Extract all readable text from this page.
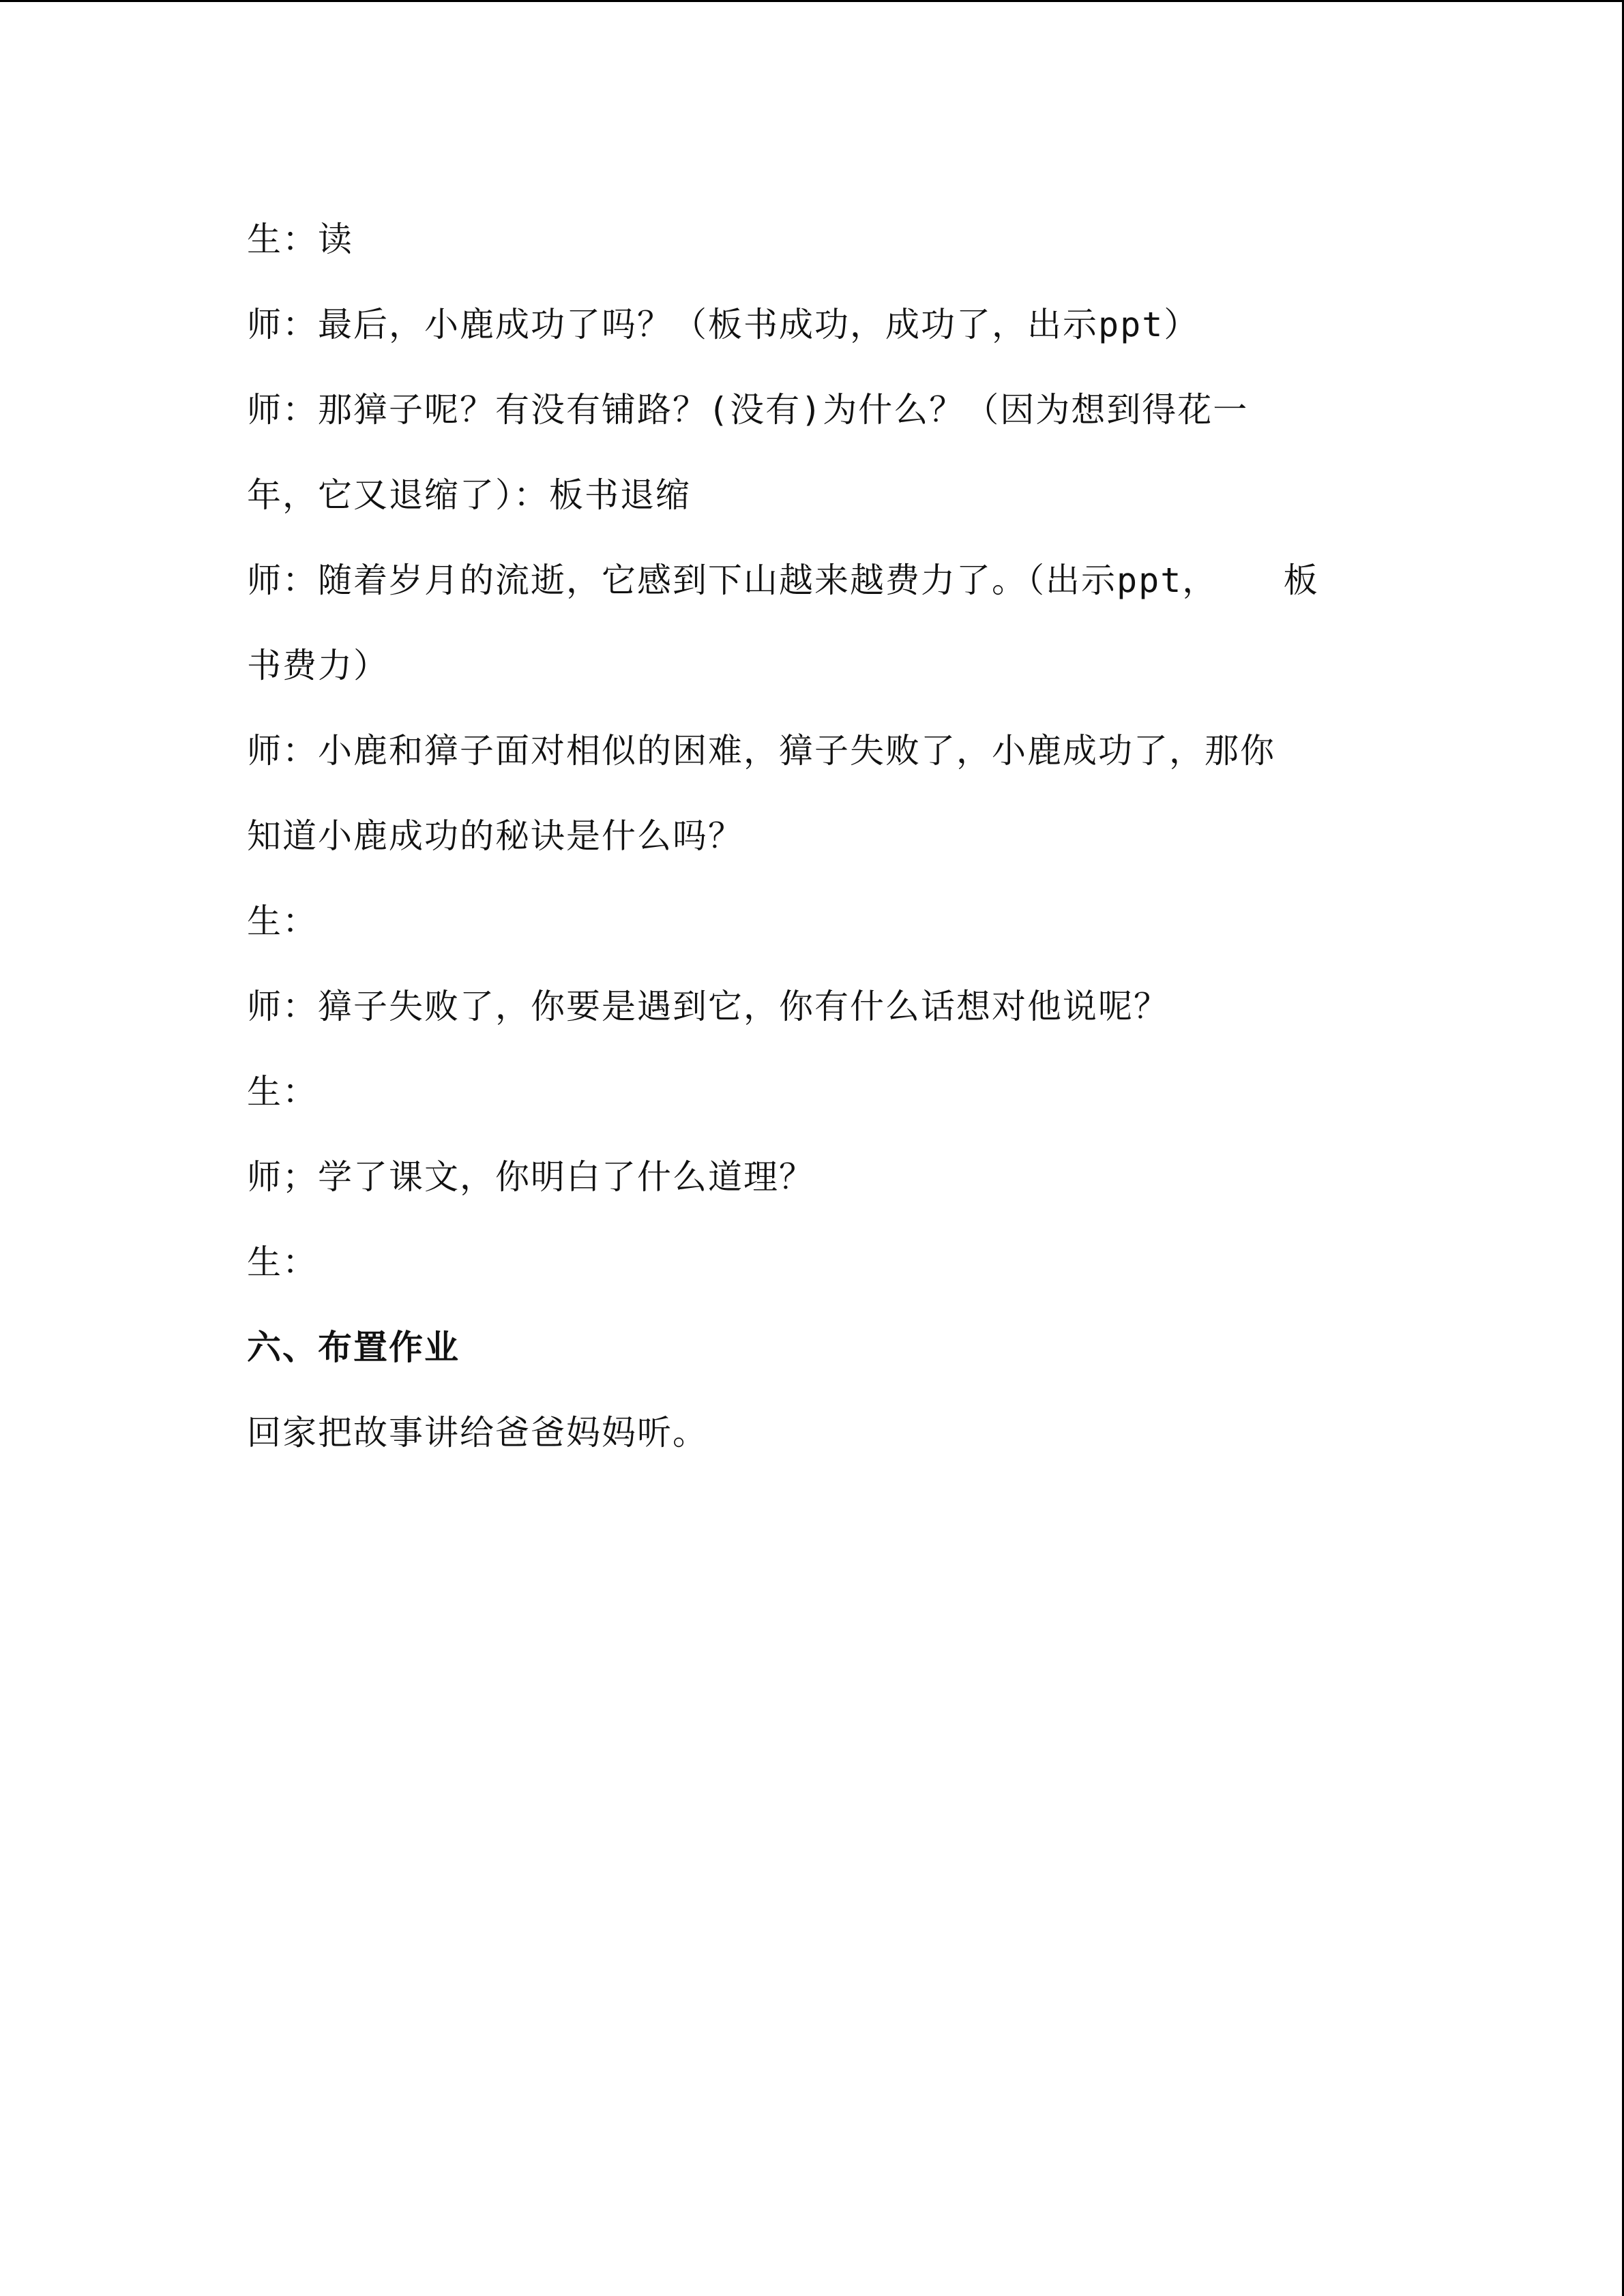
生：读
师：最后，小鹿成功了吗？（板书成功，成功了，出示ppt）
师：那獐子呢？有没有铺路？(没有)为什么？（因为想到得花一
年，它又退缩了）：板书退缩
师：随着岁月的流逝，它感到下山越来越费力了。（出示ppt，   板
书费力）
师：小鹿和獐子面对相似的困难，獐子失败了，小鹿成功了，那你
知道小鹿成功的秘诀是什么吗？
生：
师：獐子失败了，你要是遇到它，你有什么话想对他说呢？
生：
师；学了课文，你明白了什么道理？
生：
六、布置作业
回家把故事讲给爸爸妈妈听。
